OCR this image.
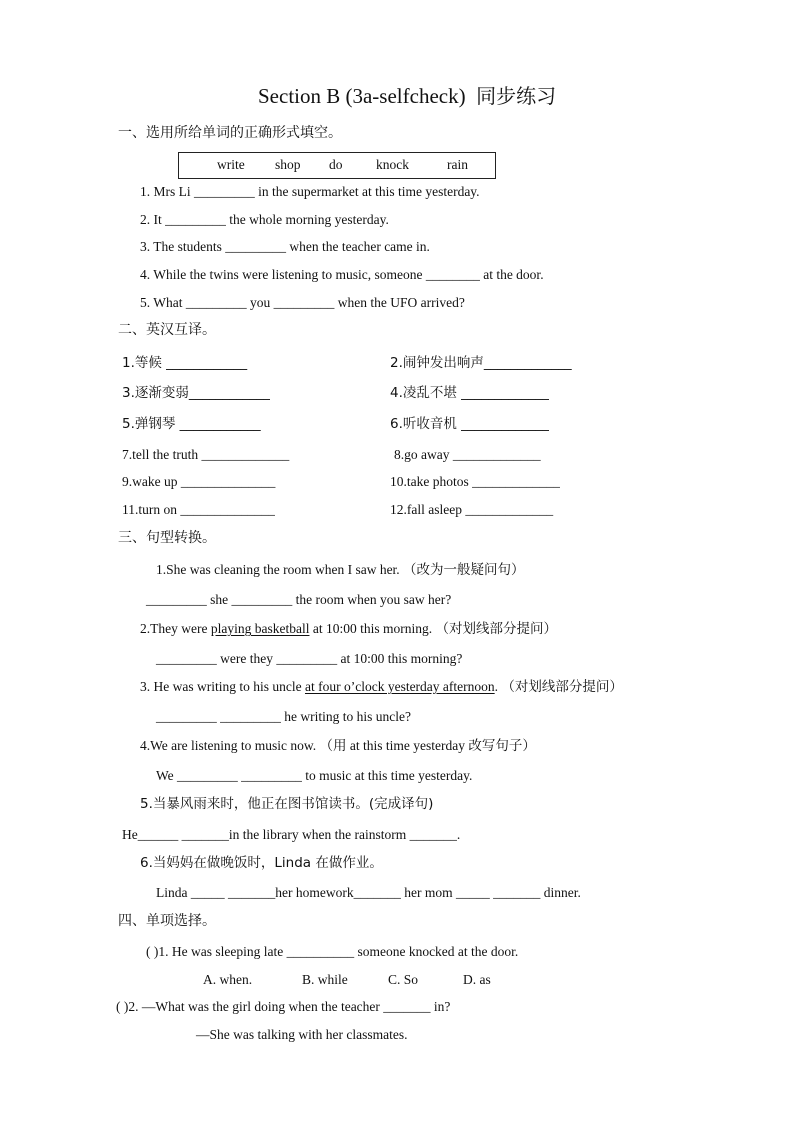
Section B (3a-selfcheck) 同步练习
一、选用所给单词的正确形式填空。
write shop do knock	rain
1. Mrs Li _________ in the supermarket at this time yesterday.
2. It _________ the whole morning yesterday.
3. The students _________ when the teacher came in.
4. While the twins were listening to music, someone ________ at the door.
5. What _________ you _________ when the UFO arrived?
二、英汉互译。
1.等候 ____________	2.闹钟发出响声_____________
3.逐渐变弱____________	4.凌乱不堪 _____________
5.弹钢琴 ____________	6.听收音机 _____________
7.tell the truth _____________	8.go away _____________
9.wake up ______________	10.take photos _____________
11.turn on ______________	12.fall asleep _____________
三、句型转换。
1.She was cleaning the room when I saw her. （改为一般疑问句）
_________ she _________ the room when you saw her?
2.They were playing basketball at 10:00 this morning. （对划线部分提问）
_________ were they _________ at 10:00 this morning?
3. He was writing to his uncle at four o’clock yesterday afternoon. （对划线部分提问）
_________ _________ he writing to his uncle?
4.We are listening to music now. （用 at this time yesterday 改写句子）
We _________ _________ to music at this time yesterday.
5.当暴风雨来时，他正在图书馆读书。(完成译句)
He______ _______in the library when the rainstorm _______.
6.当妈妈在做晚饭时，Linda 在做作业。
Linda _____ _______her homework_______ her mom _____ _______ dinner.
四、单项选择。
( )1. He was sleeping late __________ someone knocked at the door.
A. when.	B. while	C. So	D. as
( )2. —What was the girl doing when the teacher _______ in?
—She was talking with her classmates.
